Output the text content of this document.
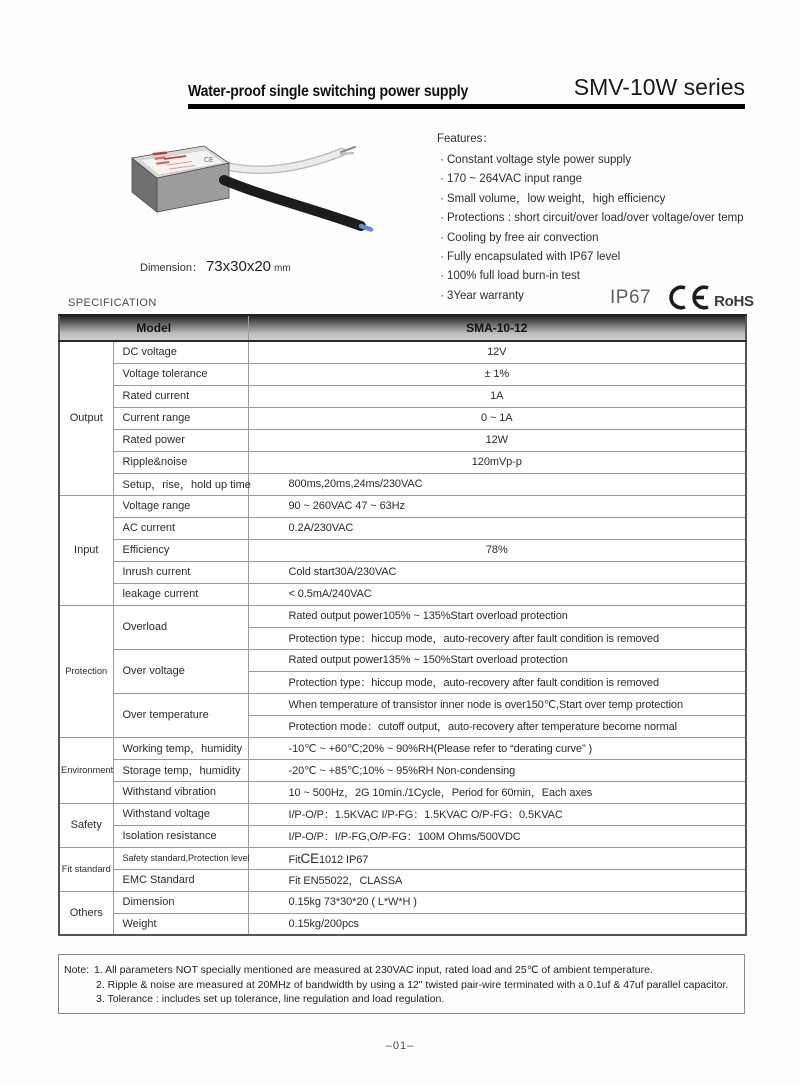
Water-proof single switching power supply	SMV-10W series
CE
Dimension： 73x30x20 mm
Features：
· Constant voltage style power supply
· 170 ~ 264VAC input range
· Small volume，low weight，high efficiency
· Protections : short circuit/over load/over voltage/over temp
· Cooling by free air convection
· Fully encapsulated with IP67 level
· 100% full load burn-in test
· 3Year warranty	IP67	RoHS
SPECIFICATION
Model		SMA-10-12
Output	DC voltage	12V
	Voltage tolerance	± 1%
	Rated current	1A
	Current range	0 ~ 1A
	Rated power	12W
	Ripple&noise	120mVp-p
	Setup，rise，hold up time	800ms,20ms,24ms/230VAC
Input	Voltage range	90 ~ 260VAC 47 ~ 63Hz
	AC current	0.2A/230VAC
	Efficiency	78%
	Inrush current	Cold start30A/230VAC
	leakage current	< 0.5mA/240VAC
Protection	Overload	Rated output power105% ~ 135%Start overload protection
		Protection type：hiccup mode，auto-recovery after fault condition is removed
	Over voltage	Rated output power135% ~ 150%Start overload protection
		Protection type：hiccup mode，auto-recovery after fault condition is removed
	Over temperature	When temperature of transistor inner node is over150℃,Start over temp protection
		Protection mode：cutoff output，auto-recovery after temperature become normal
Environment	Working temp，humidity	-10℃ ~ +60℃;20% ~ 90%RH(Please refer to “derating curve” )
	Storage temp，humidity	-20℃ ~ +85℃;10% ~ 95%RH Non-condensing
	Withstand vibration	10 ~ 500Hz，2G 10min./1Cycle，Period for 60min，Each axes
Safety	Withstand voltage	I/P-O/P：1.5KVAC I/P-FG：1.5KVAC O/P-FG：0.5KVAC
	Isolation resistance	I/P-O/P：I/P-FG,O/P-FG：100M Ohms/500VDC
Fit standard	Safety standard,Protection level	FitCE1012 IP67
	EMC Standard	Fit EN55022，CLASSA
Others	Dimension	0.15kg 73*30*20 ( L*W*H )
	Weight	0.15kg/200pcs
Note: 1. All parameters NOT specially mentioned are measured at 230VAC input, rated load and 25℃ of ambient temperature.
2. Ripple & noise are measured at 20MHz of bandwidth by using a 12" twisted pair-wire terminated with a 0.1uf & 47uf parallel capacitor.
3. Tolerance : includes set up tolerance, line regulation and load regulation.
–01–
